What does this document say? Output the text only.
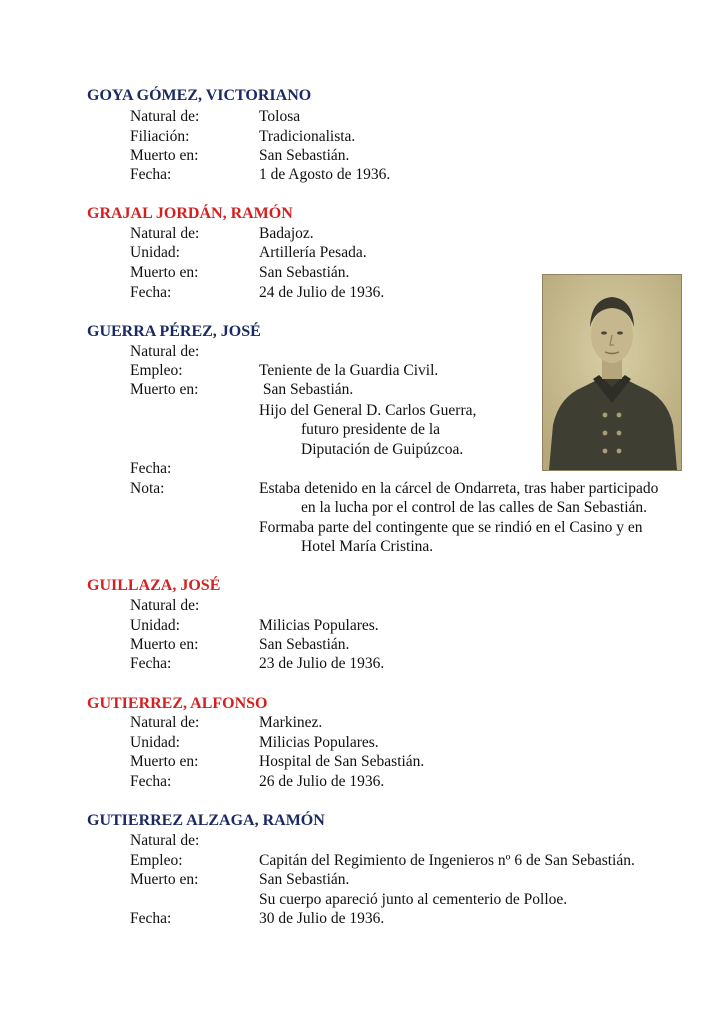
GOYA GÓMEZ, VICTORIANO
Natural de:	Tolosa
Filiación:	Tradicionalista.
Muerto en:	San Sebastián.
Fecha:	1 de Agosto de 1936.
GRAJAL JORDÁN, RAMÓN
Natural de:	Badajoz.
Unidad:	Artillería Pesada.
Muerto en:	San Sebastián.
Fecha:	24 de Julio de 1936.
GUERRA PÉREZ, JOSÉ
Natural de:
Empleo:	Teniente de la Guardia Civil.
Muerto en:	San Sebastián.
Hijo del General D. Carlos Guerra,
futuro presidente de la
Diputación de Guipúzcoa.
Fecha:
Nota:	Estaba detenido en la cárcel de Ondarreta, tras haber participado
en la lucha por el control de las calles de San Sebastián.
Formaba parte del contingente que se rindió en el Casino y en
Hotel María Cristina.
GUILLAZA, JOSÉ
Natural de:
Unidad:	Milicias Populares.
Muerto en:	San Sebastián.
Fecha:	23 de Julio de 1936.
GUTIERREZ, ALFONSO
Natural de:	Markinez.
Unidad:	Milicias Populares.
Muerto en:	Hospital de San Sebastián.
Fecha:	26 de Julio de 1936.
GUTIERREZ ALZAGA, RAMÓN
Natural de:
Empleo:	Capitán del Regimiento de Ingenieros nº 6 de San Sebastián.
Muerto en:	San Sebastián.
Su cuerpo apareció junto al cementerio de Polloe.
Fecha:	30 de Julio de 1936.
